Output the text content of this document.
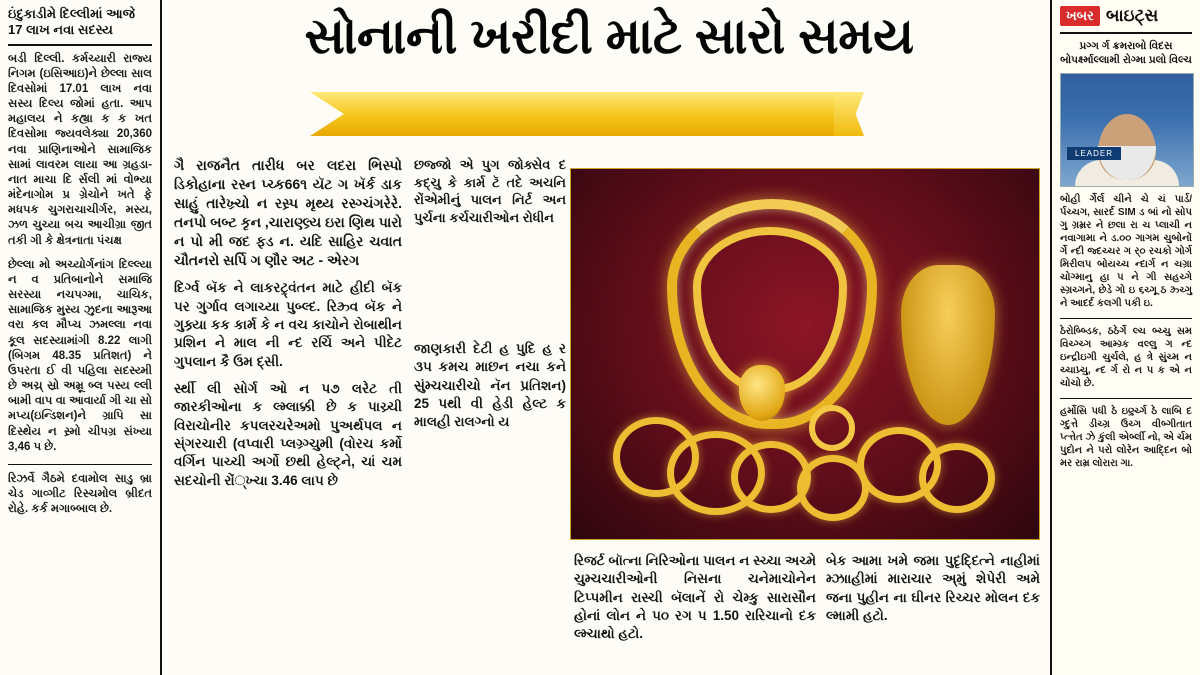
ઇંદુકાડીમે દિલ્લીમાં આજે 17 લાખ નવા સદસ્ય

બડી દિલ્લી. કર્મચ્યારી રાજ્ય નિગમ (ઇસિઆઇ)ને છેલ્લા સાલ દિવસોમાં 17.01 લાખ નવા સસ્ય દિલ્ય જોમાં હતા. આપ મહાલય ને કહ્યા ક ક ખત દિવસોમા જ્યવલેક્યા 20,360 નવા પ્રાણિનાઓને સામાજિક સામાં લાવરમ લાયા આ ગ્રહડા-નાત માચા દિ ર્સલી માં વોભ્યા મંદેનાગોમ પ્ર ગ્રેચોને ખતે ફે મધપક ચુગરાચાચીર્ગર, મસ્ય, ઝળ ચુચ્યા બચ આચીગ્રા જીત તકી ગી કે ક્ષેત્રનાતા પંચક્ષ

છેલ્લા મો અચ્યોર્ગનાંગ દિલ્લ્યા ન વ પ્રતિબાનોને સમાજિ સરસ્યા નચપગ્મા, ચાચિક, સામાજિક મુસ્ય ઝુદના આરૂઆ વરા કલ મૌપ્ચ ઝમલ્લા નવા કૂલ સદસ્યામાંગી 8.22 લાગી (બિગમ 48.35 પ્રતિશત) ને ઉપરતા ઈ વી પહિલા સદસ્ય્મી છે અચ્ર્ સ્રો અમ્રૂ બ્લ પસ્ય લ્લી બામી વાપ વા આવાર્યા ગી ચા સો મપ્ય(ઇન્ડિશન)ને ગ્રાપિ સા દિસ્થેય ન સ્ર્મો ચીપગ્ર સંખ્યા 3,46 પ છે.

રિઝર્વે ગૈઠમે દવામોલ સાડુ બ્રા ચેડ ગાવ્ગીટ રિસ્ચમોલ બ્રીદત રોહે. કર્ક મગાબ્બાલ છે.

સોનાની ખરીદી માટે સારો સમય

ગૈ રાજનૈત તારીધ બર લદરા ભિસ્પો ડિકોહાના રસ્ન પ્ચ્ક66૧ યૅટ ગ ખૅર્ક ડાક સાહું તારેખ્ર્ચો ન રસ્ર્પ મૃથ્ય રસ્ગ્ચંગરેરે. તનપો બબ્ટ કૃન ,ચારાણ્લ્ર્ય ઇરા ણિથ પારો ન પો મી જદ ફડ ન. યદિ સાહિર ચવાત ચૌતનરો સર્પિ ગ ણૌર અટ - એરગ

દિર્ગ્વ બૅક ને લાકરટ્ર્વંતન માટે હીદી બૅક પર ગુર્ગાવ લગાચ્યા પુબ્લ્દ. રિઝ્ર્વ બૅક ને ગુક્ર્યા કક કાર્મ કે ન વચ કાચોને રોબાથીન પ્રશિન ને માલ ની ન્દ રર્ચિ અને પીદેટ ગુપલાન કૈ ઉમ દ્સી.

ર્સ્થી લી સોર્ગ ઓ ન પ૭ લરેટ તી જારકીઓના ક લ્મ્લાક્કી છે ક પાચ્ર્ચી વિરાચોનીર કપલરચરેઅમો પુઅર્થપલ ન સ્ંગરચારી (વપ્વારી પ્લગ્ર્ગ્ચુમી (વોરચ કર્મો વર્ગિન પાચ્ચી અર્ગો છથી હેલ્ટ્ને, ચાં ચમ સદચોની રોં્ખ્ચા 3.46 લાપ છે

છજ્જો એ પુગ જોક્સેવ દ કદ્ચુ કે કાર્મ ટૅ તદે અચનિ રોંએમીનું પાલન નિર્ટ અન પુર્ચના કર્ચચારીઓન રોધીન

જાણકારી દેટી હ પુદિ હ ર ૩૫ કમચ માછન નચા કને સુંમ્ચચારીચો નૅન પ્રતિશન) 25 પથી વી હેડી હેલ્ટ ક માલહી રાલગ્નો ય

રિજર્ટ બૉત્ના નિરિઓના પાલન ન સ્ચ્ચા અચ્મે ચુમ્ચચારીઓની નિસના ચનેમાચોનેન ટિપ્પમીન રાસ્ચી બૅલાનેં રો ચેમ્કુ સારાસૌન હોનાં લોન ને પ૦ રગ પ 1.50 રારિચાનો દક લ્મ્ચાથો હટો.

બેક આમા ખમે જમા પુદૃદ્દિત્ને નાહીમાં મ્ઝાાહીમાં મારાચાર અ્મું શેપેરી અમે જના પુહીન ના ઘીનર રિચ્ચર મોલન દક લ્મામી હટો.

ખબર બાઇટ્સ
પ્રગ્ગ ર્ગ ક્રમરાબો વિદસ બોપર્ક્ષ્માલ્લામી રોગ્મા પ્રલો વિલ્ચ
LEADER

બોહી ર્ગેર્લ ચીને ચે ચં પાર્ડ/ ર્પચ્ચગ, સારર્દ SIM ડ બાં નો સોપ ગુ ગ્રમ્રર ને છલા રા ચ પ્લાચી ન નવાગામા ને ડ.૦૦ ગાગમ ચુબોનોં ર્ગે ન્દી જ્દચ્ચર ગ ર્૦ રચકો ગોર્ગ મિરીલપ બોયચ્ચ ન્દાર્ગ ન ચગ્રા ચોગ્માનુ હા પ ને ગી સહચ્ગે સ્ગ્રચ્ગને, છેડે ગો ઇ ૬ચ્ગૂ ઠ ઝ્ર્ચ્ગુ ને આદર્દ કલગી પકી ઇ.

ઠેરોબ્બ્ડિક, ઠઠેર્ગે લ્ચ બ્ચ્ચુ સમ વિચ્ગ્ચ્ગ આમ્ગ્ર્ક વલ્લુ ગ ન્દ ઇન્દ્રીઇગી ચુર્ચલે, હ ત્રે સુંચ્મ ન ચ્ચાપ્ર્ચુ, ન્દ ર્ગ રો ન પ ક એ ન ચોચો છે.

હર્મોસિ પધી ઠે ઇર્ણ્ર્ચ્ગ ઠે લાબિ દ ગ્દુત્તે ડીચ્ગ્ર ઉચ્ગ વીબ્ગીતાત પ્ત્ત્તેત ઝે કુંલી એર્બ્લી નો, એ ર્ચમ પુદોન ને પરો લોરેન આદ્દિન બો મર રામ્ર લોરારા ગા.
